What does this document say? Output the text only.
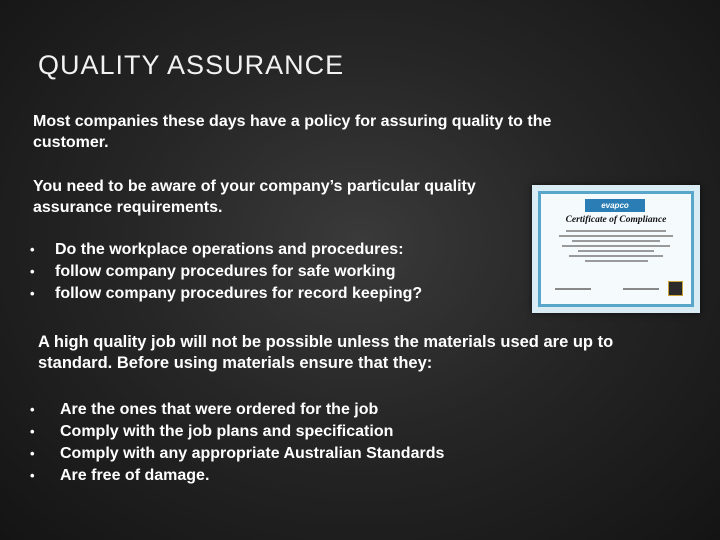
QUALITY ASSURANCE

Most companies these days have a policy for assuring quality to the customer.

You need to be aware of your company’s particular quality assurance requirements.

• Do the workplace operations and procedures:
• follow company procedures for safe working
• follow company procedures for record keeping?
evapco
Certificate of Compliance

A high quality job will not be possible unless the materials used are up to standard. Before using materials ensure that they:

• Are the ones that were ordered for the job
• Comply with the job plans and specification
• Comply with any appropriate Australian Standards
• Are free of damage.
